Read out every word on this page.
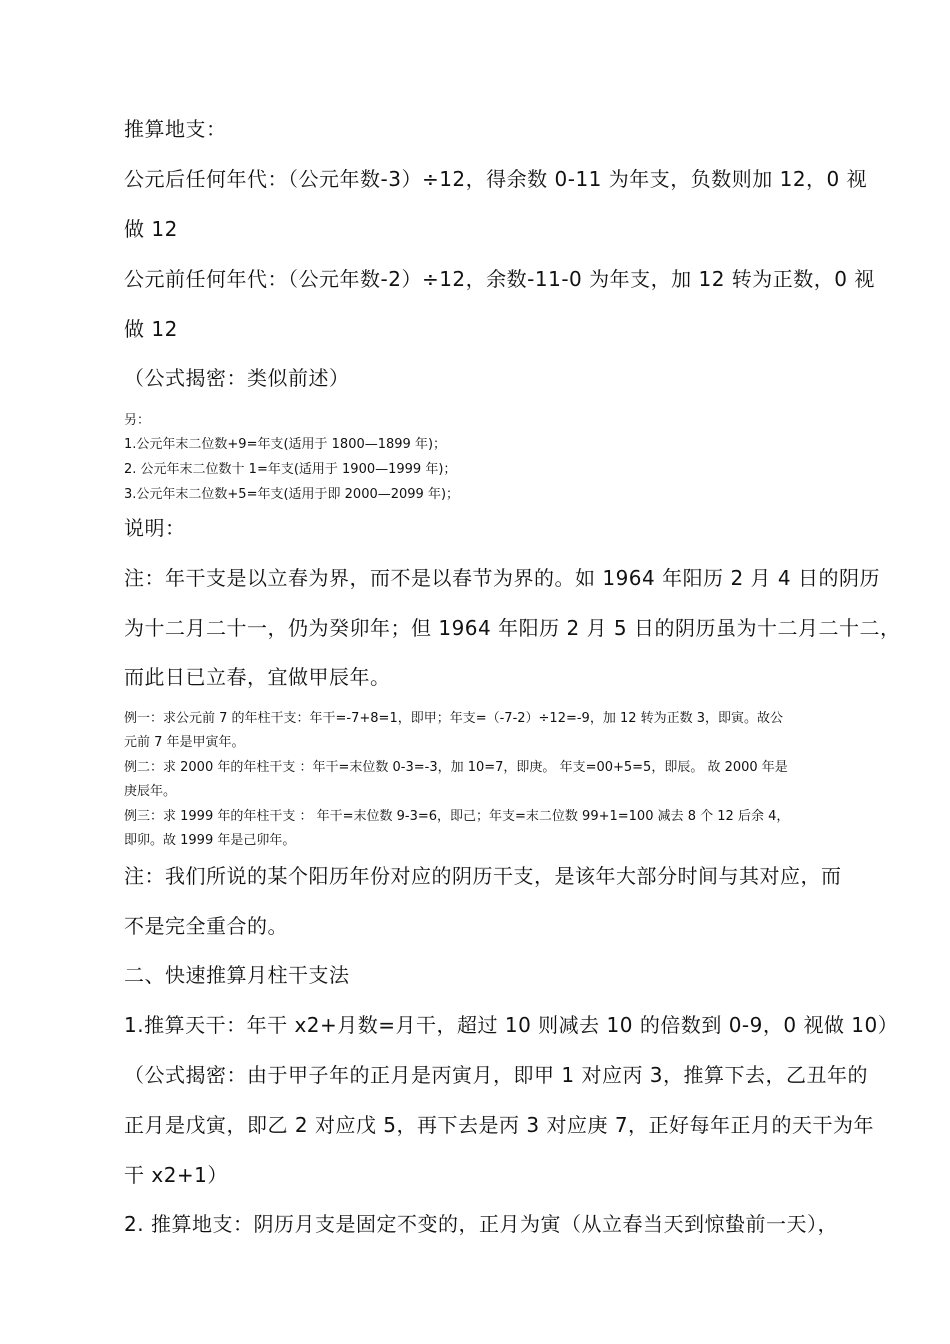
推算地支：

公元后任何年代：（公元年数-3）÷12，得余数 0-11 为年支，负数则加 12，0 视

做 12

公元前任何年代：（公元年数-2）÷12，余数-11-0 为年支，加 12 转为正数，0 视

做 12

（公式揭密：类似前述）

另：

1.公元年末二位数+9=年支(适用于 1800—1899 年)；

2. 公元年末二位数十 1=年支(适用于 1900—1999 年)；

3.公元年末二位数+5=年支(适用于即 2000—2099 年)；

说明：

注：年干支是以立春为界，而不是以春节为界的。如 1964 年阳历 2 月 4 日的阴历

为十二月二十一，仍为癸卯年；但 1964 年阳历 2 月 5 日的阴历虽为十二月二十二，

而此日已立春，宜做甲辰年。

例一：求公元前 7 的年柱干支：年干=-7+8=1，即甲；年支=（-7-2）÷12=-9，加 12 转为正数 3，即寅。故公

元前 7 年是甲寅年。

例二：求 2000 年的年柱干支 ：年干=末位数 0-3=-3，加 10=7，即庚。 年支=00+5=5，即辰。 故 2000 年是

庚辰年。

例三：求 1999 年的年柱干支 ： 年干=末位数 9-3=6，即己；年支=末二位数 99+1=100 减去 8 个 12 后余 4，

即卯。故 1999 年是己卯年。

注：我们所说的某个阳历年份对应的阴历干支，是该年大部分时间与其对应，而

不是完全重合的。

二、快速推算月柱干支法

1.推算天干：年干 x2+月数=月干，超过 10 则减去 10 的倍数到 0-9，0 视做 10）

（公式揭密：由于甲子年的正月是丙寅月，即甲 1 对应丙 3，推算下去，乙丑年的

正月是戊寅，即乙 2 对应戊 5，再下去是丙 3 对应庚 7，正好每年正月的天干为年

干 x2+1）

2. 推算地支：阴历月支是固定不变的，正月为寅（从立春当天到惊蛰前一天），
